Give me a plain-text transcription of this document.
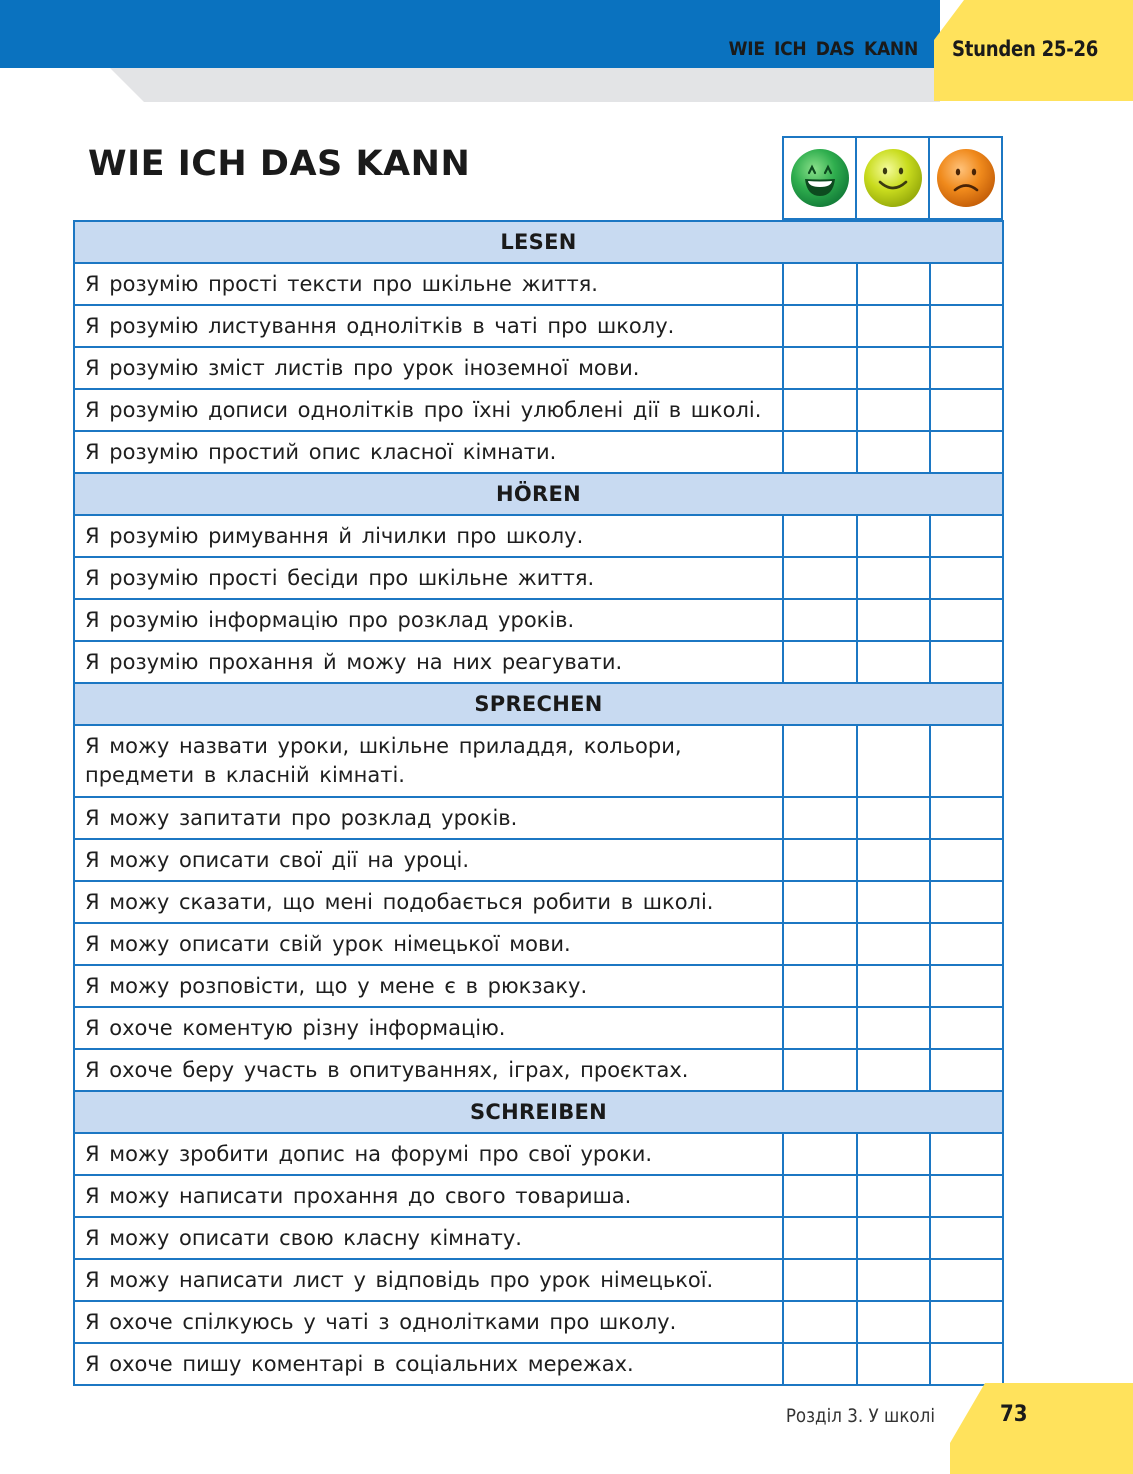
WIE ICH DAS KANN Stunden 25-26
WIE ICH DAS KANN

LESEN			
Я розумію прості тексти про шкільне життя.			
Я розумію листування однолітків в чаті про школу.			
Я розумію зміст листів про урок іноземної мови.			
Я розумію дописи однолітків про їхні улюблені дії в школі.			
Я розумію простий опис класної кімнати.			
HÖREN			
Я розумію римування й лічилки про школу.			
Я розумію прості бесіди про шкільне життя.			
Я розумію інформацію про розклад уроків.			
Я розумію прохання й можу на них реагувати.			
SPRECHEN			
Я можу назвати уроки, шкільне приладдя, кольори, предмети в класній кімнаті.			
Я можу запитати про розклад уроків.			
Я можу описати свої дії на уроці.			
Я можу сказати, що мені подобається робити в школі.			
Я можу описати свій урок німецької мови.			
Я можу розповісти, що у мене є в рюкзаку.			
Я охоче коментую різну інформацію.			
Я охоче беру участь в опитуваннях, іграх, проєктах.			
SCHREIBEN			
Я можу зробити допис на форумі про свої уроки.			
Я можу написати прохання до свого товариша.			
Я можу описати свою класну кімнату.			
Я можу написати лист у відповідь про урок німецької.			
Я охоче спілкуюсь у чаті з однолітками про школу.			
Я охоче пишу коментарі в соціальних мережах.			
Розділ 3. У школі	73
